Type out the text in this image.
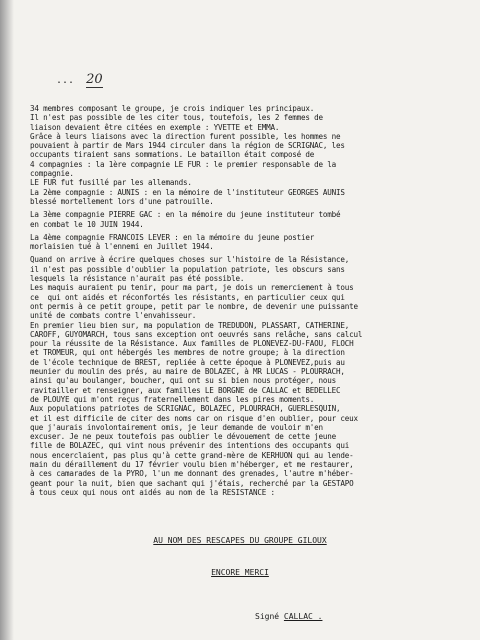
... 20
34 membres composant le groupe, je crois indiquer les principaux.
Il n'est pas possible de les citer tous, toutefois, les 2 femmes de
liaison devaient être citées en exemple : YVETTE et EMMA.
Grâce à leurs liaisons avec la direction furent possible, les hommes ne
pouvaient à partir de Mars 1944 circuler dans la région de SCRIGNAC, les
occupants tiraient sans sommations. Le bataillon était composé de
4 compagnies : la 1ère compagnie LE FUR : le premier responsable de la
compagnie.
LE FUR fut fusillé par les allemands.
La 2ème compagnie : AUNIS : en la mémoire de l'instituteur GEORGES AUNIS
blessé mortellement lors d'une patrouille.
La 3ème compagnie PIERRE GAC : en la mémoire du jeune instituteur tombé
en combat le 10 JUIN 1944.
La 4ème compagnie FRANCOIS LEVER : en la mémoire du jeune postier
morlaisien tué à l'ennemi en Juillet 1944.
Quand on arrive à écrire quelques choses sur l'histoire de la Résistance,
il n'est pas possible d'oublier la population patriote, les obscurs sans
lesquels la résistance n'aurait pas été possible.
Les maquis auraient pu tenir, pour ma part, je dois un remerciement à tous
ce  qui ont aidés et réconfortés les résistants, en particulier ceux qui
ont permis à ce petit groupe, petit par le nombre, de devenir une puissante
unité de combats contre l'envahisseur.
En premier lieu bien sur, ma population de TREDUDON, PLASSART, CATHERINE,
CAROFF, GUYOMARCH, tous sans exception ont oeuvrés sans relâche, sans calcul
pour la réussite de la Résistance. Aux familles de PLONEVEZ-DU-FAOU, FLOCH
et TROMEUR, qui ont hébergés les membres de notre groupe; à la direction
de l'école technique de BREST, repliée à cette époque à PLONEVEZ,puis au
meunier du moulin des prés, au maire de BOLAZEC, à MR LUCAS - PLOURRACH,
ainsi qu'au boulanger, boucher, qui ont su si bien nous protéger, nous
ravitailler et renseigner, aux familles LE BORGNE de CALLAC et BEDELLEC
de PLOUYE qui m'ont reçus fraternellement dans les pires moments.
Aux populations patriotes de SCRIGNAC, BOLAZEC, PLOURRACH, GUERLESQUIN,
et il est difficile de citer des noms car on risque d'en oublier, pour ceux
que j'aurais involontairement omis, je leur demande de vouloir m'en
excuser. Je ne peux toutefois pas oublier le dévouement de cette jeune
fille de BOLAZEC, qui vint nous prévenir des intentions des occupants qui
nous encerclaient, pas plus qu'à cette grand-mère de KERHUON qui au lende-
main du déraillement du 17 février voulu bien m'héberger, et me restaurer,
à ces camarades de la PYRO, l'un me donnant des grenades, l'autre m'héber-
geant pour la nuit, bien que sachant qui j'étais, recherché par la GESTAPO
à tous ceux qui nous ont aidés au nom de la RESISTANCE :
AU NOM DES RESCAPES DU GROUPE GILOUX
ENCORE MERCI
Signé CALLAC .
